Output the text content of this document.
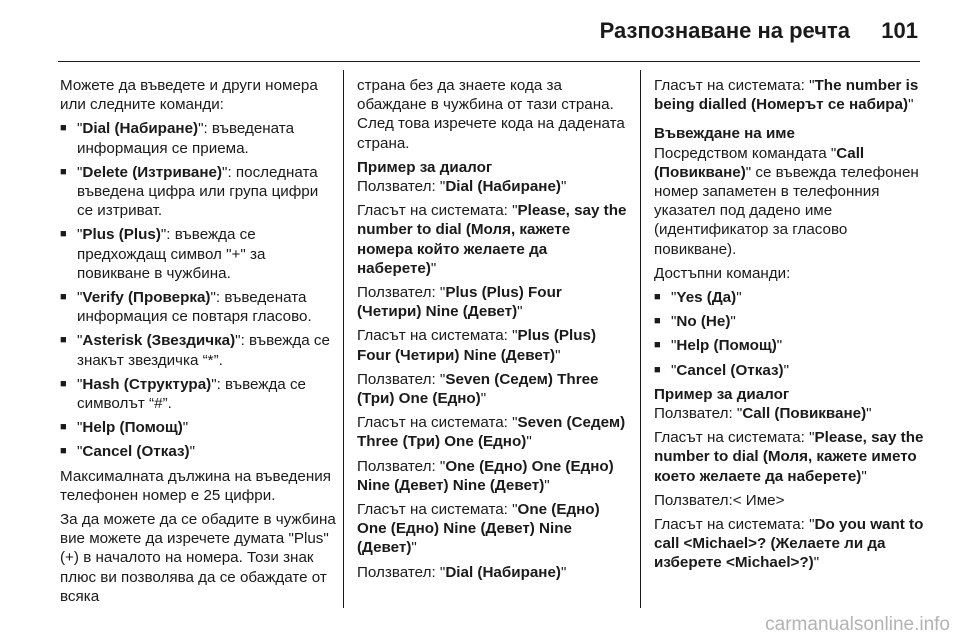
Разпознаване на речта 101

Можете да въведете и други номера или следните команди:

■ "Dial (Набиране)": въведената информация се приема.
■ "Delete (Изтриване)": последната въведена цифра или група цифри се изтриват.
■ "Plus (Plus)": въвежда се предхождащ символ "+" за повикване в чужбина.
■ "Verify (Проверка)": въведената информация се повтаря гласово.
■ "Asterisk (Звездичка)": въвежда се знакът звездичка “*”.
■ "Hash (Структура)": въвежда се символът “#”.
■ "Help (Помощ)"
■ "Cancel (Отказ)"

Максималната дължина на въведения телефонен номер е 25 цифри.

За да можете да се обадите в чужбина вие можете да изречете думата "Plus" (+) в началото на номера. Този знак плюс ви позволява да се обаждате от всяка

страна без да знаете кода за обаждане в чужбина от тази страна. След това изречете кода на дадената страна.

Пример за диалог

Ползвател: "Dial (Набиране)"

Гласът на системата: "Please, say the number to dial (Моля, кажете номера който желаете да наберете)"

Ползвател: "Plus (Plus) Four (Четири) Nine (Девет)"

Гласът на системата: "Plus (Plus) Four (Четири) Nine (Девет)"

Ползвател: "Seven (Седем) Three (Три) One (Едно)"

Гласът на системата: "Seven (Седем) Three (Три) One (Едно)"

Ползвател: "One (Едно) One (Едно) Nine (Девет) Nine (Девет)"

Гласът на системата: "One (Едно) One (Едно) Nine (Девет) Nine (Девет)"

Ползвател: "Dial (Набиране)"

Гласът на системата: "The number is being dialled (Номерът се набира)"

Въвеждане на име

Посредством командата "Call (Повикване)" се въвежда телефонен номер запаметен в телефонния указател под дадено име (идентификатор за гласово повикване).

Достъпни команди:

■ "Yes (Да)"
■ "No (Не)"
■ "Help (Помощ)"
■ "Cancel (Отказ)"

Пример за диалог

Ползвател: "Call (Повикване)"

Гласът на системата: "Please, say the number to dial (Моля, кажете името което желаете да наберете)"

Ползвател:< Име>

Гласът на системата: "Do you want to call <Michael>? (Желаете ли да изберете <Michael>?)"

carmanualsonline.info
